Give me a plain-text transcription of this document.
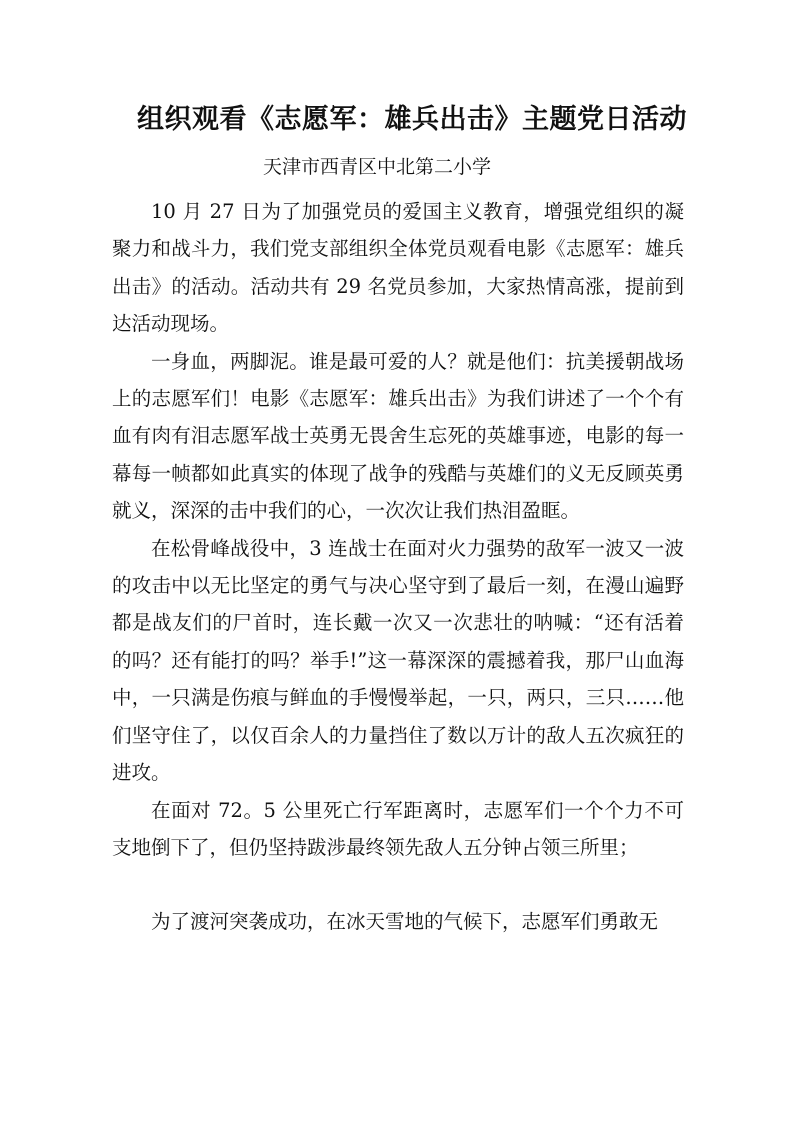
组织观看《志愿军：雄兵出击》主题党日活动
天津市西青区中北第二小学

10 月 27 日为了加强党员的爱国主义教育，增强党组织的凝聚力和战斗力，我们党支部组织全体党员观看电影《志愿军：雄兵出击》的活动。活动共有 29 名党员参加，大家热情高涨，提前到达活动现场。

一身血，两脚泥。谁是最可爱的人？就是他们：抗美援朝战场上的志愿军们！电影《志愿军：雄兵出击》为我们讲述了一个个有血有肉有泪志愿军战士英勇无畏舍生忘死的英雄事迹，电影的每一幕每一帧都如此真实的体现了战争的残酷与英雄们的义无反顾英勇就义，深深的击中我们的心，一次次让我们热泪盈眶。

在松骨峰战役中，3 连战士在面对火力强势的敌军一波又一波的攻击中以无比坚定的勇气与决心坚守到了最后一刻，在漫山遍野都是战友们的尸首时，连长戴一次又一次悲壮的呐喊：“还有活着的吗？还有能打的吗？举手!”这一幕深深的震撼着我，那尸山血海中，一只满是伤痕与鲜血的手慢慢举起，一只，两只，三只……他们坚守住了，以仅百余人的力量挡住了数以万计的敌人五次疯狂的进攻。

在面对 72。5 公里死亡行军距离时，志愿军们一个个力不可支地倒下了，但仍坚持跋涉最终领先敌人五分钟占领三所里；

为了渡河突袭成功，在冰天雪地的气候下，志愿军们勇敢无
